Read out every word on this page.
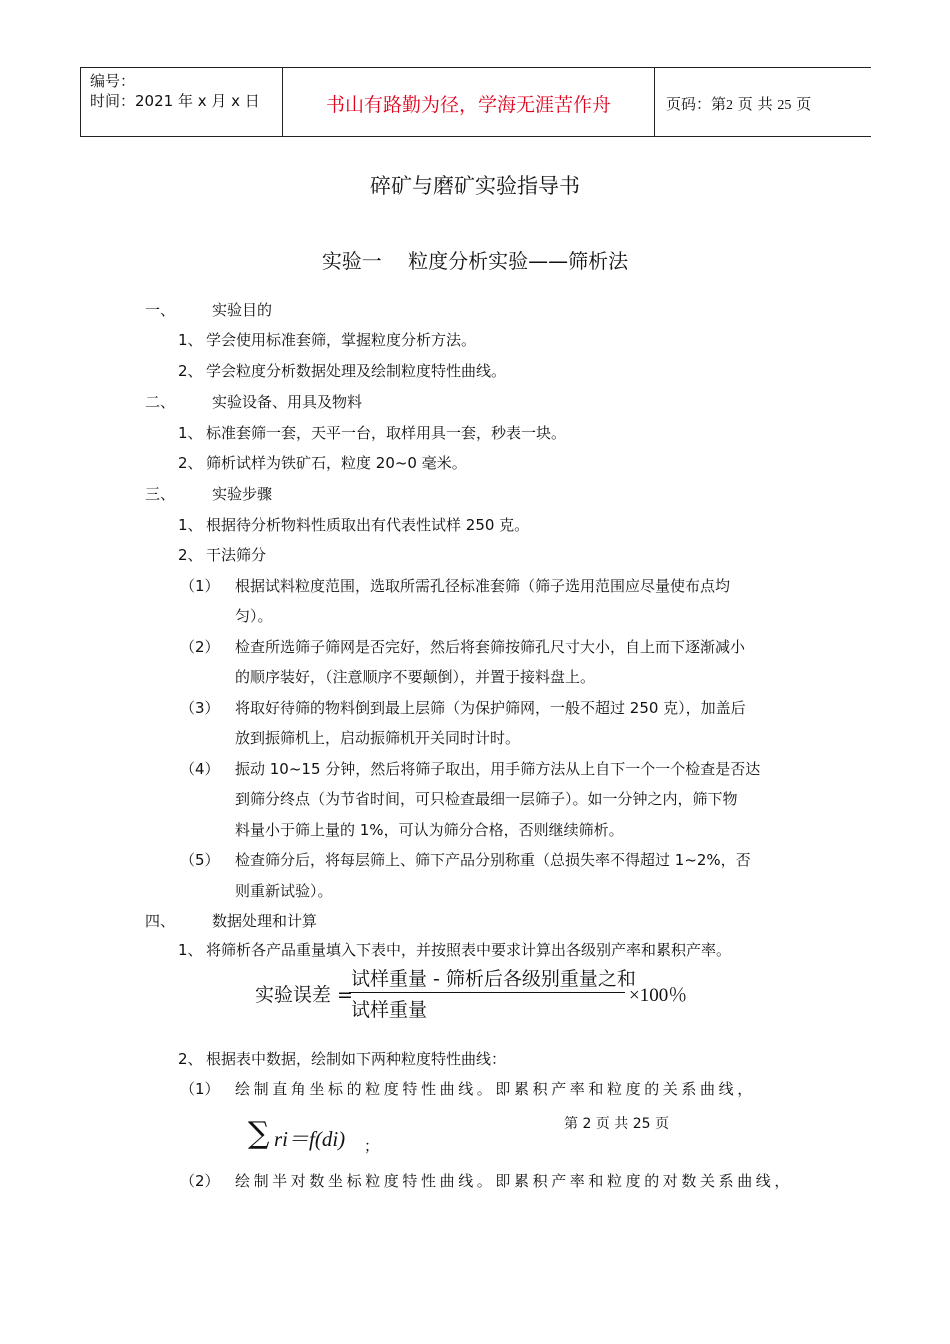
编号：
时间：2021 年 x 月 x 日	书山有路勤为径，学海无涯苦作舟	页码：第2 页 共 25 页
碎矿与磨矿实验指导书
实验一　 粒度分析实验——筛析法
一、 实验目的
1、 学会使用标准套筛，掌握粒度分析方法。
2、 学会粒度分析数据处理及绘制粒度特性曲线。
二、 实验设备、用具及物料
1、 标准套筛一套，天平一台，取样用具一套，秒表一块。
2、 筛析试样为铁矿石，粒度 20~0 毫米。
三、 实验步骤
1、 根据待分析物料性质取出有代表性试样 250 克。
2、 干法筛分
（1） 根据试料粒度范围，选取所需孔径标准套筛（筛子选用范围应尽量使布点均
匀）。
（2） 检查所选筛子筛网是否完好，然后将套筛按筛孔尺寸大小，自上而下逐渐减小
的顺序装好，（注意顺序不要颠倒），并置于接料盘上。
（3） 将取好待筛的物料倒到最上层筛（为保护筛网，一般不超过 250 克），加盖后
放到振筛机上，启动振筛机开关同时计时。
（4） 振动 10~15 分钟，然后将筛子取出，用手筛方法从上自下一个一个检查是否达
到筛分终点（为节省时间，可只检查最细一层筛子）。如一分钟之内，筛下物
料量小于筛上量的 1%，可认为筛分合格，否则继续筛析。
（5） 检查筛分后，将每层筛上、筛下产品分别称重（总损失率不得超过 1~2%，否
则重新试验）。
四、 数据处理和计算
1、 将筛析各产品重量填入下表中，并按照表中要求计算出各级别产率和累积产率。
实验误差 =
试样重量 - 筛析后各级别重量之和
试样重量
×100％
2、 根据表中数据，绘制如下两种粒度特性曲线：
（1） 绘制直角坐标的粒度特性曲线。即累积产率和粒度的关系曲线，
∑ ri＝f(di) ；
第 2 页 共 25 页
（2） 绘制半对数坐标粒度特性曲线。即累积产率和粒度的对数关系曲线，
